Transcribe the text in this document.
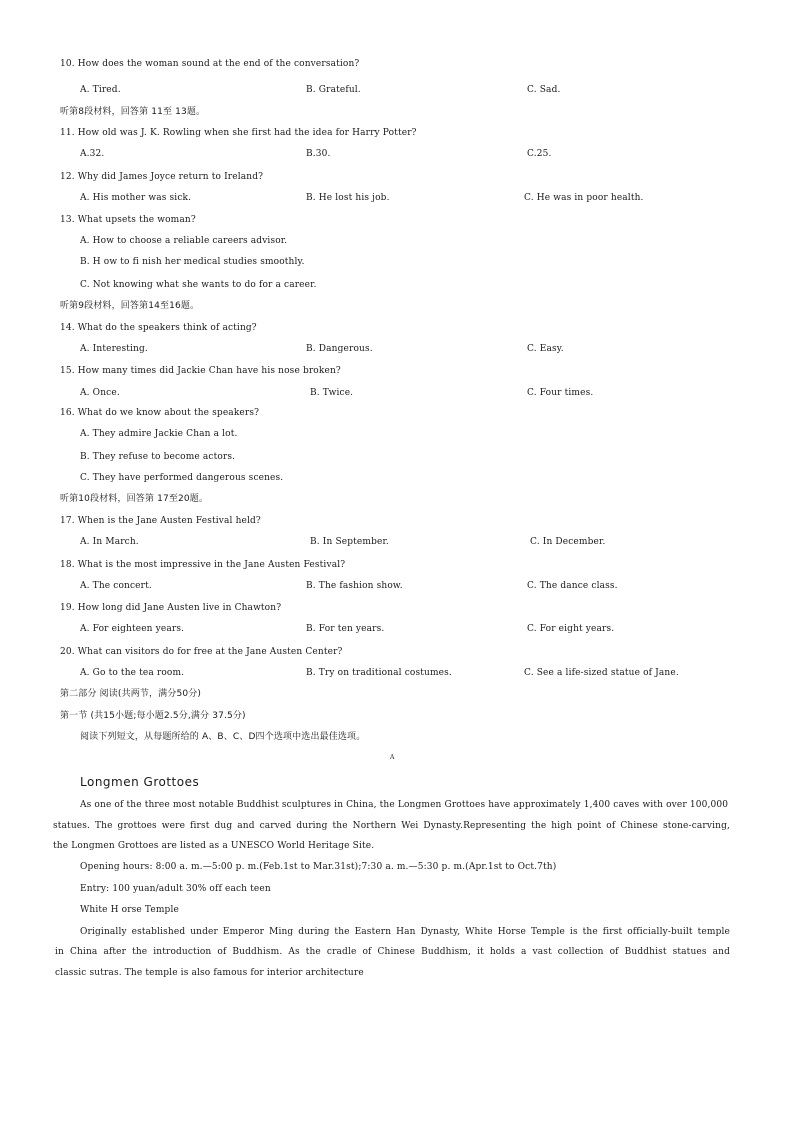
10. How does the woman sound at the end of the conversation?
A. Tired.	B. Grateful.	C. Sad.
听第8段材料，回答第 11至 13题。
11. How old was J. K. Rowling when she first had the idea for Harry Potter?
A.32.	B.30.	C.25.
12. Why did James Joyce return to Ireland?
A. His mother was sick.	B. He lost his job.	C. He was in poor health.
13. What upsets the woman?
A. How to choose a reliable careers advisor.
B. H ow to fi nish her medical studies smoothly.
C. Not knowing what she wants to do for a career.
听第9段材料，回答第14至16题。
14. What do the speakers think of acting?
A. Interesting.	B. Dangerous.	C. Easy.
15. How many times did Jackie Chan have his nose broken?
A. Once.	B. Twice.	C. Four times.
16. What do we know about the speakers?
A. They admire Jackie Chan a lot.
B. They refuse to become actors.
C. They have performed dangerous scenes.
听第10段材料，回答第 17至20题。
17. When is the Jane Austen Festival held?
A. In March.	B. In September.	C. In December.
18. What is the most impressive in the Jane Austen Festival?
A. The concert.	B. The fashion show.	C. The dance class.
19. How long did Jane Austen live in Chawton?
A. For eighteen years.	B. For ten years.	C. For eight years.
20. What can visitors do for free at the Jane Austen Center?
A. Go to the tea room.	B. Try on traditional costumes.	C. See a life-sized statue of Jane.
第二部分 阅读(共两节，满分50分)
第一节 (共15小题;每小题2.5分,满分 37.5分)
阅读下列短文，从每题所给的 A、B、C、D四个选项中选出最佳选项。
A
Longmen Grottoes
As one of the three most notable Buddhist sculptures in China, the Longmen Grottoes have approximately 1,400 caves with over 100,000
statues. The grottoes were first dug and carved during the Northern Wei Dynasty.Representing the high point of Chinese stone-carving,
the Longmen Grottoes are listed as a UNESCO World Heritage Site.
Opening hours: 8:00 a. m.—5:00 p. m.(Feb.1st to Mar.31st);7:30 a. m.—5:30 p. m.(Apr.1st to Oct.7th)
Entry: 100 yuan/adult 30% off each teen
White H orse Temple
Originally established under Emperor Ming during the Eastern Han Dynasty, White Horse Temple is the first officially-built temple
in China after the introduction of Buddhism. As the cradle of Chinese Buddhism, it holds a vast collection of Buddhist statues and
classic sutras. The temple is also famous for interior architecture
